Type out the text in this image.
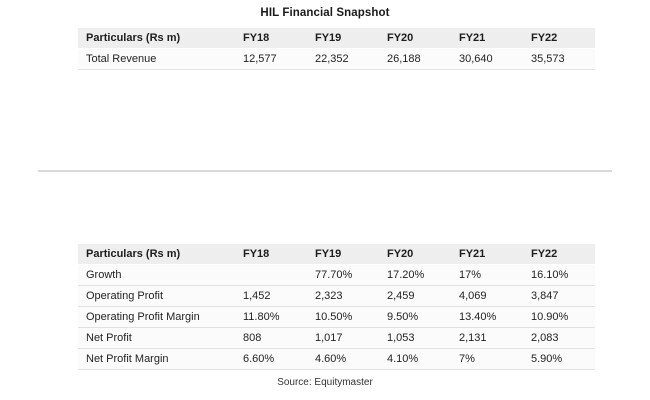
HIL Financial Snapshot
Particulars (Rs m)	FY18	FY19	FY20	FY21	FY22
Total Revenue	12,577	22,352	26,188	30,640	35,573
Particulars (Rs m)	FY18	FY19	FY20	FY21	FY22
Growth		77.70%	17.20%	17%	16.10%
Operating Profit	1,452	2,323	2,459	4,069	3,847
Operating Profit Margin	11.80%	10.50%	9.50%	13.40%	10.90%
Net Profit	808	1,017	1,053	2,131	2,083
Net Profit Margin	6.60%	4.60%	4.10%	7%	5.90%
Source: Equitymaster
